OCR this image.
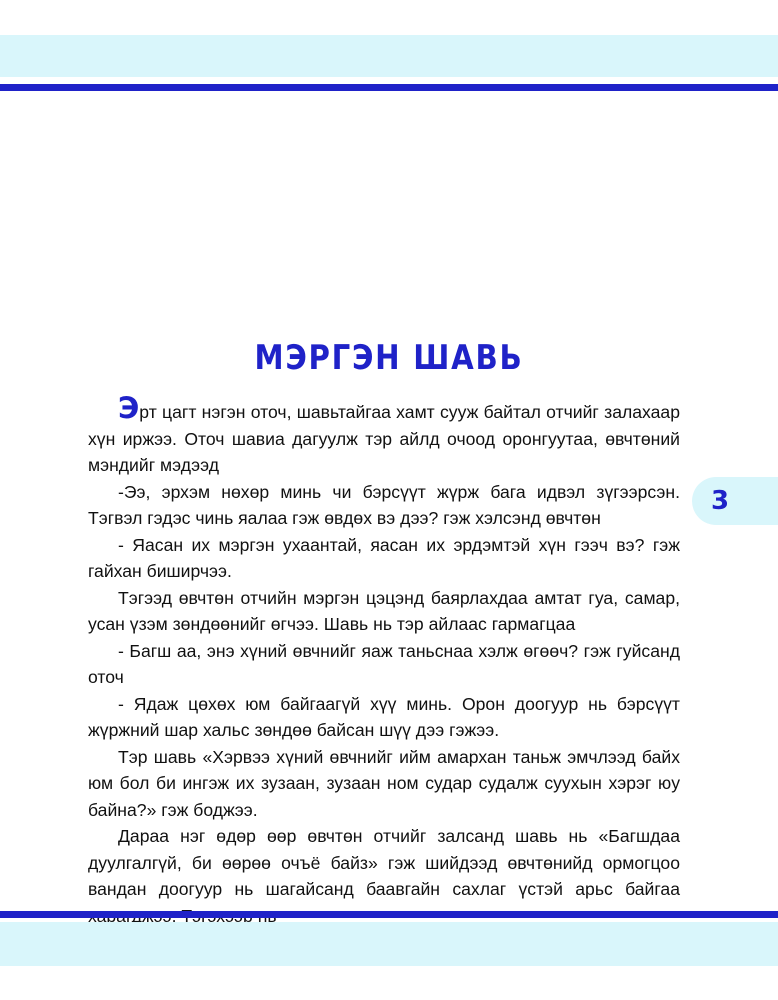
3
МЭРГЭН ШАВЬ

Эрт цагт нэгэн оточ, шавьтайгаа хамт сууж байтал отчийг залахаар хүн иржээ. Оточ шавиа дагуулж тэр айлд очоод оронгуутаа, өвчтөний мэндийг мэдээд

-Ээ, эрхэм нөхөр минь чи бэрсүүт жүрж бага идвэл зүгээрсэн. Тэгвэл гэдэс чинь яалаа гэж өвдөх вэ дээ? гэж хэлсэнд өвчтөн

- Яасан их мэргэн ухаантай, яасан их эрдэмтэй хүн гээч вэ? гэж гайхан биширчээ.

Тэгээд өвчтөн отчийн мэргэн цэцэнд баярлахдаа амтат гуа, самар, усан үзэм зөндөөнийг өгчээ. Шавь нь тэр айлаас гармагцаа

- Багш аа, энэ хүний өвчнийг яаж таньснаа хэлж өгөөч? гэж гуйсанд оточ

- Ядаж цөхөх юм байгаагүй хүү минь. Орон доогуур нь бэрсүүт жүржний шар хальс зөндөө байсан шүү дээ гэжээ.

Тэр шавь «Хэрвээ хүний өвчнийг ийм амархан таньж эмчлээд байх юм бол би ингэж их зузаан, зузаан ном судар судалж суухын хэрэг юу байна?» гэж боджээ.

Дараа нэг өдөр өөр өвчтөн отчийг залсанд шавь нь «Багшдаа дуулгалгүй, би өөрөө очъё байз» гэж шийдээд өвчтөнийд ормогцоо вандан доогуур нь шагайсанд баавгайн сахлаг үстэй арьс байгаа
